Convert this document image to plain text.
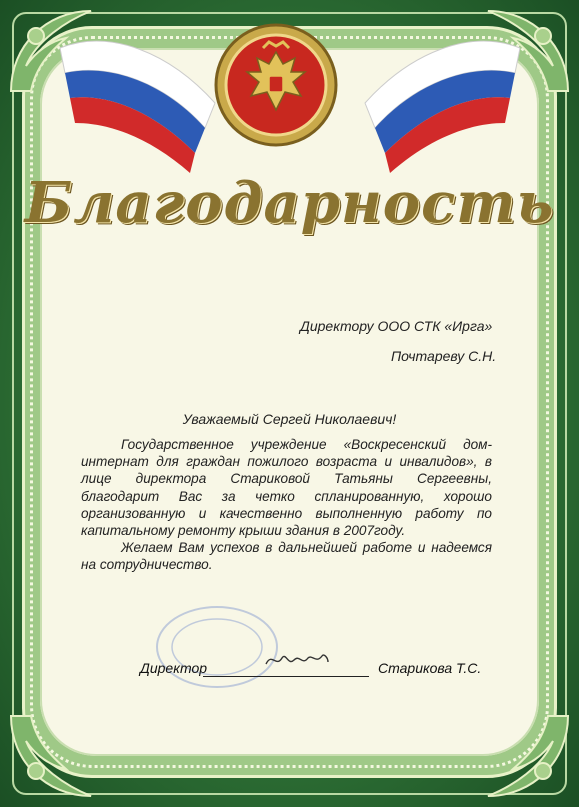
Благодарность
Директору ООО СТК «Ирга»
Почтареву С.Н.
Уважаемый Сергей Николаевич!

Государственное учреждение «Воскресенский дом-интернат для граждан пожилого возраста и инвалидов», в лице директора Стариковой Татьяны Сергеевны, благодарит Вас за четко спланированную, хорошо организованную и качественно выполненную работу по капитальному ремонту крыши здания в 2007году.

Желаем Вам успехов в дальнейшей работе и надеемся на сотрудничество.

Директор	Старикова Т.С.
